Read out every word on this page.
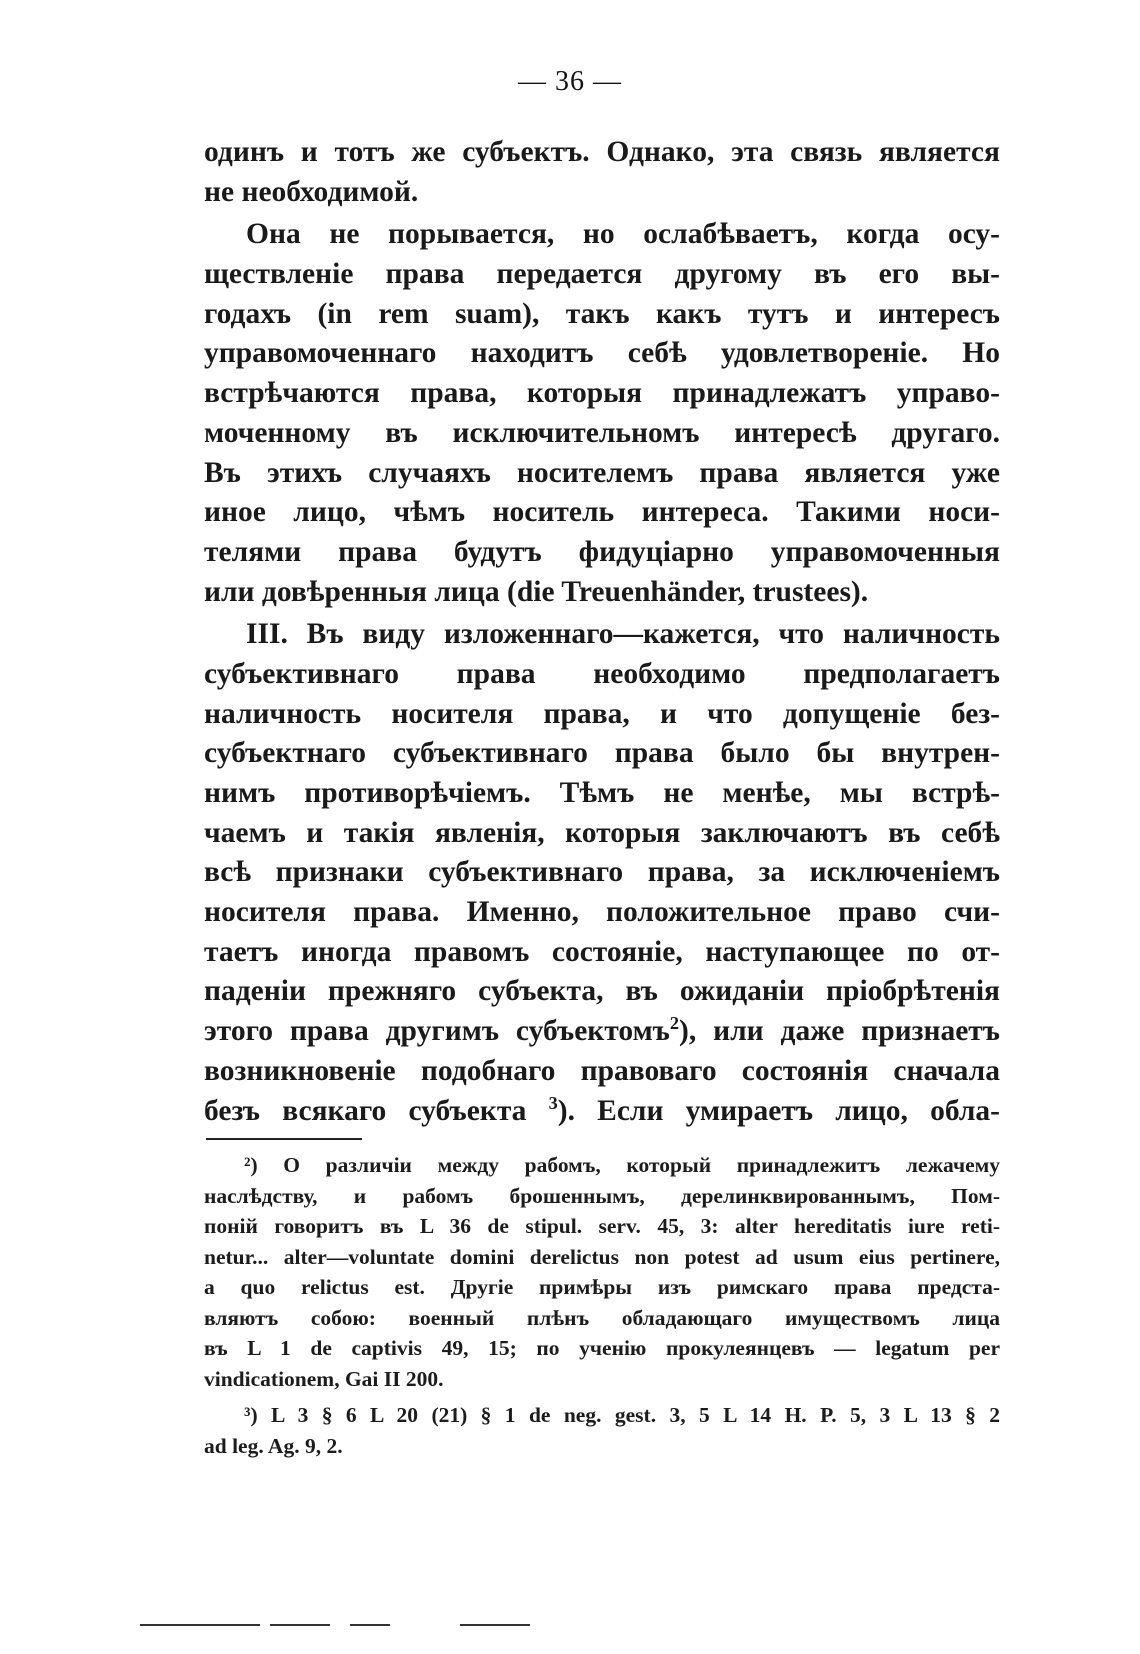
— 36 —
одинъ и тотъ же субъектъ. Однако, эта связь является
не необходимой.
Она не порывается, но ослабѣваетъ, когда осу-
ществленіе права передается другому въ его вы-
годахъ (in rem suam), такъ какъ тутъ и интересъ
управомоченнаго находитъ себѣ удовлетвореніе. Но
встрѣчаются права, которыя принадлежатъ управо-
моченному въ исключительномъ интересѣ другаго.
Въ этихъ случаяхъ носителемъ права является уже
иное лицо, чѣмъ носитель интереса. Такими носи-
телями права будутъ фидуціарно управомоченныя
или довѣренныя лица (die Treuenhänder, trustees).
III. Въ виду изложеннаго—кажется, что наличность
субъективнаго права необходимо предполагаетъ
наличность носителя права, и что допущеніе без-
субъектнаго субъективнаго права было бы внутрен-
нимъ противорѣчіемъ. Тѣмъ не менѣе, мы встрѣ-
чаемъ и такія явленія, которыя заключаютъ въ себѣ
всѣ признаки субъективнаго права, за исключеніемъ
носителя права. Именно, положительное право счи-
таетъ иногда правомъ состояніе, наступающее по от-
паденіи прежняго субъекта, въ ожиданіи пріобрѣтенія
этого права другимъ субъектомъ$^2$), или даже признаетъ
возникновеніе подобнаго правоваго состоянія сначала
безъ всякаго субъекта $^3$). Если умираетъ лицо, обла-
²) О различіи между рабомъ, который принадлежитъ лежачему
наслѣдству, и рабомъ брошеннымъ, дерелинквированнымъ, Пом-
поній говоритъ въ L 36 de stipul. serv. 45, 3: alter hereditatis iure reti-
netur... alter—voluntate domini derelictus non potest ad usum eius pertinere,
a quo relictus est. Другіе примѣры изъ римскаго права предста-
вляютъ собою: военный плѣнъ обладающаго имуществомъ лица
въ L 1 de captivis 49, 15; по ученію прокулеянцевъ — legatum per
vindicationem, Gai II 200.
³) L 3 § 6 L 20 (21) § 1 de neg. gest. 3, 5 L 14 H. P. 5, 3 L 13 § 2
ad leg. Ag. 9, 2.
